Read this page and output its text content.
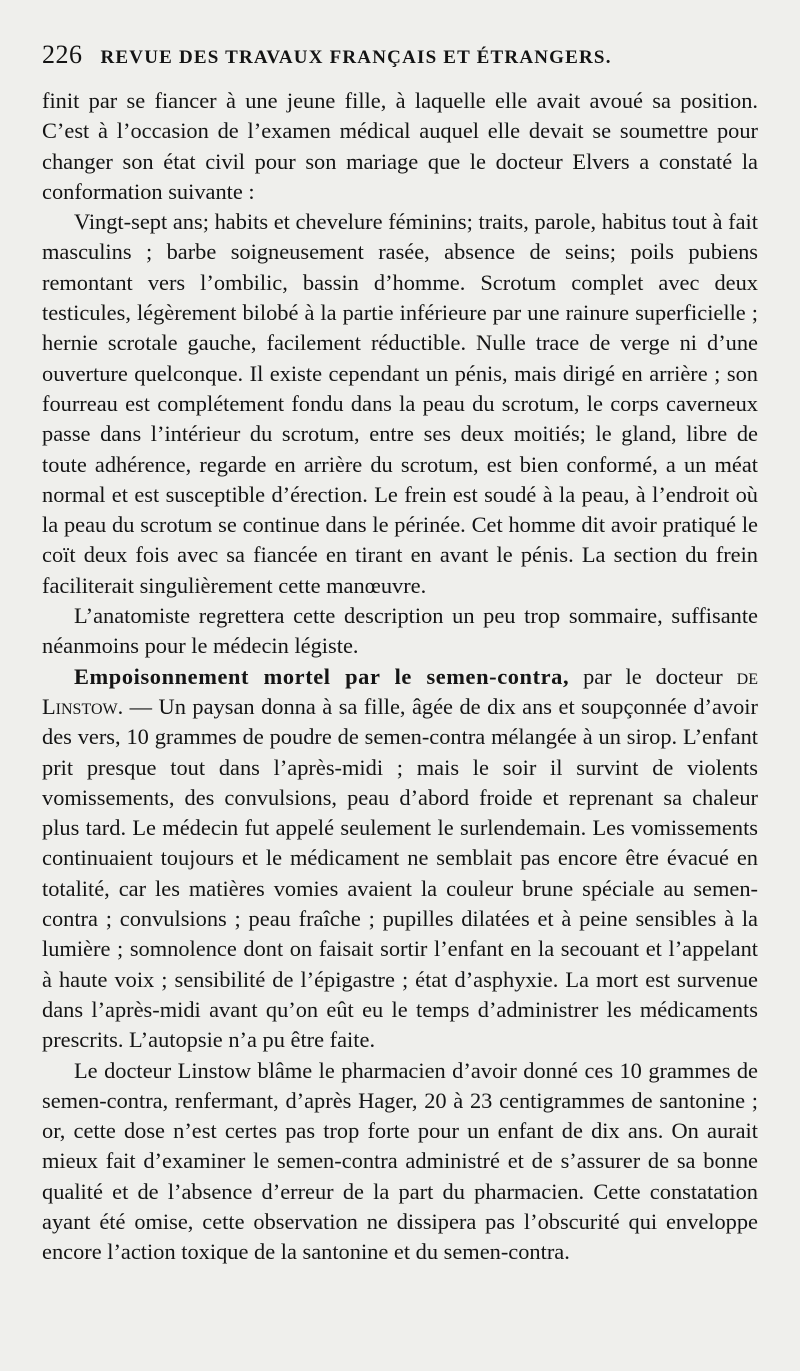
226 REVUE DES TRAVAUX FRANÇAIS ET ÉTRANGERS.

finit par se fiancer à une jeune fille, à laquelle elle avait avoué sa position. C’est à l’occasion de l’examen médical auquel elle devait se soumettre pour changer son état civil pour son mariage que le docteur Elvers a constaté la conformation suivante :

Vingt-sept ans; habits et chevelure féminins; traits, parole, habitus tout à fait masculins ; barbe soigneusement rasée, absence de seins; poils pubiens remontant vers l’ombilic, bassin d’homme. Scrotum complet avec deux testicules, légèrement bilobé à la partie inférieure par une rainure superficielle ; hernie scrotale gauche, facilement réductible. Nulle trace de verge ni d’une ouverture quelconque. Il existe cependant un pénis, mais dirigé en arrière ; son fourreau est complétement fondu dans la peau du scrotum, le corps caverneux passe dans l’intérieur du scrotum, entre ses deux moitiés; le gland, libre de toute adhérence, regarde en arrière du scrotum, est bien conformé, a un méat normal et est susceptible d’érection. Le frein est soudé à la peau, à l’endroit où la peau du scrotum se continue dans le périnée. Cet homme dit avoir pratiqué le coït deux fois avec sa fiancée en tirant en avant le pénis. La section du frein faciliterait singulièrement cette manœuvre.

L’anatomiste regrettera cette description un peu trop sommaire, suffisante néanmoins pour le médecin légiste.

Empoisonnement mortel par le semen-contra, par le docteur de Linstow. — Un paysan donna à sa fille, âgée de dix ans et soupçonnée d’avoir des vers, 10 grammes de poudre de semen-contra mélangée à un sirop. L’enfant prit presque tout dans l’après-midi ; mais le soir il survint de violents vomissements, des convulsions, peau d’abord froide et reprenant sa chaleur plus tard. Le médecin fut appelé seulement le surlendemain. Les vomissements continuaient toujours et le médicament ne semblait pas encore être évacué en totalité, car les matières vomies avaient la couleur brune spéciale au semen-contra ; convulsions ; peau fraîche ; pupilles dilatées et à peine sensibles à la lumière ; somnolence dont on faisait sortir l’enfant en la secouant et l’appelant à haute voix ; sensibilité de l’épigastre ; état d’asphyxie. La mort est survenue dans l’après-midi avant qu’on eût eu le temps d’administrer les médicaments prescrits. L’autopsie n’a pu être faite.

Le docteur Linstow blâme le pharmacien d’avoir donné ces 10 grammes de semen-contra, renfermant, d’après Hager, 20 à 23 centigrammes de santonine ; or, cette dose n’est certes pas trop forte pour un enfant de dix ans. On aurait mieux fait d’examiner le semen-contra administré et de s’assurer de sa bonne qualité et de l’absence d’erreur de la part du pharmacien. Cette constatation ayant été omise, cette observation ne dissipera pas l’obscurité qui enveloppe encore l’action toxique de la santonine et du semen-contra.
